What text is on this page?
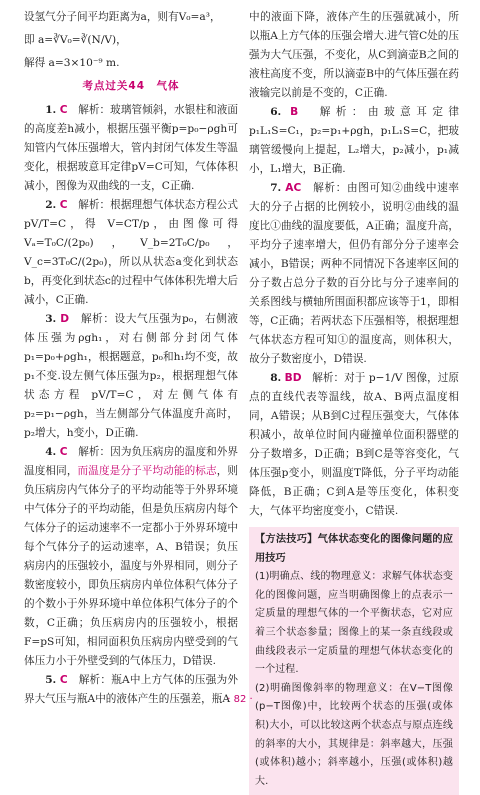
设氢气分子间平均距离为a，则有V₀=a³，

即 a=∛V₀=∛(N/V)，

解得 a=3×10⁻⁹ m.

考点过关44　气体

1. C　 解析：玻璃管倾斜，水银柱和液面的高度差h减小，根据压强平衡p=p₀−ρgh可知管内气体压强增大，管内封闭气体发生等温变化，根据玻意耳定律pV=C可知，气体体积减小，图像为双曲线的一支，C正确.

2. C　 解析：根据理想气体状态方程公式 pV/T=C，得 V=CT/p，由图像可得 Vₐ=T₀C/(2p₀)，V_b=2T₀C/p₀，V_c=3T₀C/(2p₀)，所以从状态a变化到状态b，再变化到状态c的过程中气体体积先增大后减小，C正确.

3. D　 解析：设大气压强为p₀，右侧液体压强为ρgh₁，对右侧部分封闭气体p₁=p₀+ρgh₁，根据题意，p₀和h₁均不变，故p₁不变.设左侧气体压强为p₂，根据理想气体状态方程 pV/T=C，对左侧气体有p₂=p₁−ρgh，当左侧部分气体温度升高时，p₂增大，h变小，D正确.

4. C　 解析：因为负压病房的温度和外界温度相同，而温度是分子平均动能的标志，则负压病房内气体分子的平均动能等于外界环境中气体分子的平均动能，但是负压病房内每个气体分子的运动速率不一定都小于外界环境中每个气体分子的运动速率，A、B错误；负压病房内的压强较小，温度与外界相同，则分子数密度较小，即负压病房内单位体积气体分子的个数小于外界环境中单位体积气体分子的个数，C正确；负压病房内的压强较小，根据F=pS可知，相同面积负压病房内壁受到的气体压力小于外壁受到的气体压力，D错误.

5. C　 解析：瓶A中上方气体的压强为外界大气压与瓶A中的液体产生的压强差，瓶A

中的液面下降，液体产生的压强就减小，所以瓶A上方气体的压强会增大.进气管C处的压强为大气压强，不变化，从C到滴壶B之间的液柱高度不变，所以滴壶B中的气体压强在药液输完以前是不变的，C正确.

6. B　 解析：由玻意耳定律 p₁L₁S=C₁，p₂=p₁+ρgh，p₁L₁S=C，把玻璃管缓慢向上提起，L₂增大，p₂减小，p₁减小，L₁增大，B正确.

7. AC　 解析：由图可知②曲线中速率大的分子占据的比例较小，说明②曲线的温度比①曲线的温度要低，A正确；温度升高，平均分子速率增大，但仍有部分分子速率会减小，B错误；两种不同情况下各速率区间的分子数占总分子数的百分比与分子速率间的关系图线与横轴所围面积都应该等于1，即相等，C正确；若两状态下压强相等，根据理想气体状态方程可知①的温度高，则体积大，故分子数密度小，D错误.

8. BD　 解析：对于 p−1/V 图像，过原点的直线代表等温线，故A、B两点温度相同，A错误；从B到C过程压强变大，气体体积减小，故单位时间内碰撞单位面积器壁的分子数增多，D正确；B到C是等容变化，气体压强p变小，则温度T降低，分子平均动能降低，B正确；C到A是等压变化，体积变大，气体平均密度变小，C错误.

【方法技巧】气体状态变化的图像问题的应用技巧
(1)明确点、线的物理意义：求解气体状态变化的图像问题，应当明确图像上的点表示一定质量的理想气体的一个平衡状态，它对应着三个状态参量；图像上的某一条直线段或曲线段表示一定质量的理想气体状态变化的一个过程.
(2)明确图像斜率的物理意义：在V−T图像(p−T图像)中，比较两个状态的压强(或体积)大小，可以比较这两个状态点与原点连线的斜率的大小，其规律是：斜率越大，压强(或体积)越小；斜率越小，压强(或体积)越大.
· 82 ·
